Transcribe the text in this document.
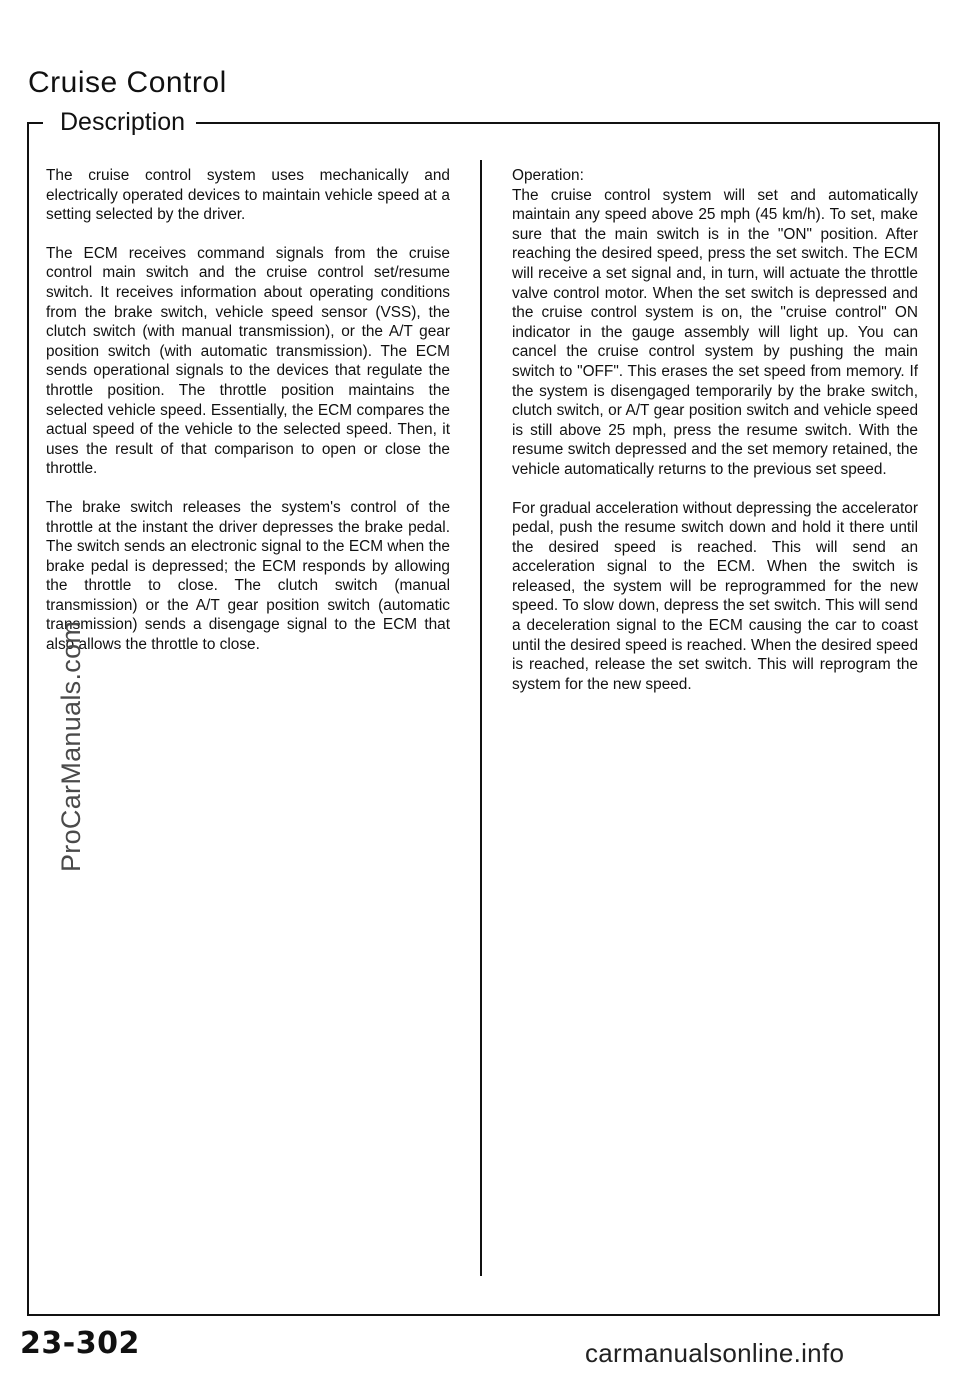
Cruise Control
Description

The cruise control system uses mechanically and electrically operated devices to maintain vehicle speed at a setting selected by the driver.

The ECM receives command signals from the cruise control main switch and the cruise control set/resume switch. It receives information about operating conditions from the brake switch, vehicle speed sensor (VSS), the clutch switch (with manual transmission), or the A/T gear position switch (with automatic transmission). The ECM sends operational signals to the devices that regulate the throttle position. The throttle position maintains the selected vehicle speed. Essentially, the ECM compares the actual speed of the vehicle to the selected speed. Then, it uses the result of that comparison to open or close the throttle.

The brake switch releases the system's control of the throttle at the instant the driver depresses the brake pedal. The switch sends an electronic signal to the ECM when the brake pedal is depressed; the ECM responds by allowing the throttle to close. The clutch switch (manual transmission) or the A/T gear position switch (automatic transmission) sends a disengage signal to the ECM that also allows the throttle to close.

Operation:

The cruise control system will set and automatically maintain any speed above 25 mph (45 km/h). To set, make sure that the main switch is in the "ON" position. After reaching the desired speed, press the set switch. The ECM will receive a set signal and, in turn, will actuate the throttle valve control motor. When the set switch is depressed and the cruise control system is on, the "cruise control" ON indicator in the gauge assembly will light up. You can cancel the cruise control system by pushing the main switch to "OFF". This erases the set speed from memory. If the system is disengaged temporarily by the brake switch, clutch switch, or A/T gear position switch and vehicle speed is still above 25 mph, press the resume switch. With the resume switch depressed and the set memory retained, the vehicle automatically returns to the previous set speed.

For gradual acceleration without depressing the accelerator pedal, push the resume switch down and hold it there until the desired speed is reached. This will send an acceleration signal to the ECM. When the switch is released, the system will be reprogrammed for the new speed. To slow down, depress the set switch. This will send a deceleration signal to the ECM causing the car to coast until the desired speed is reached. When the desired speed is reached, release the set switch. This will reprogram the system for the new speed.

ProCarManuals.com
23-302	carmanualsonline.info
